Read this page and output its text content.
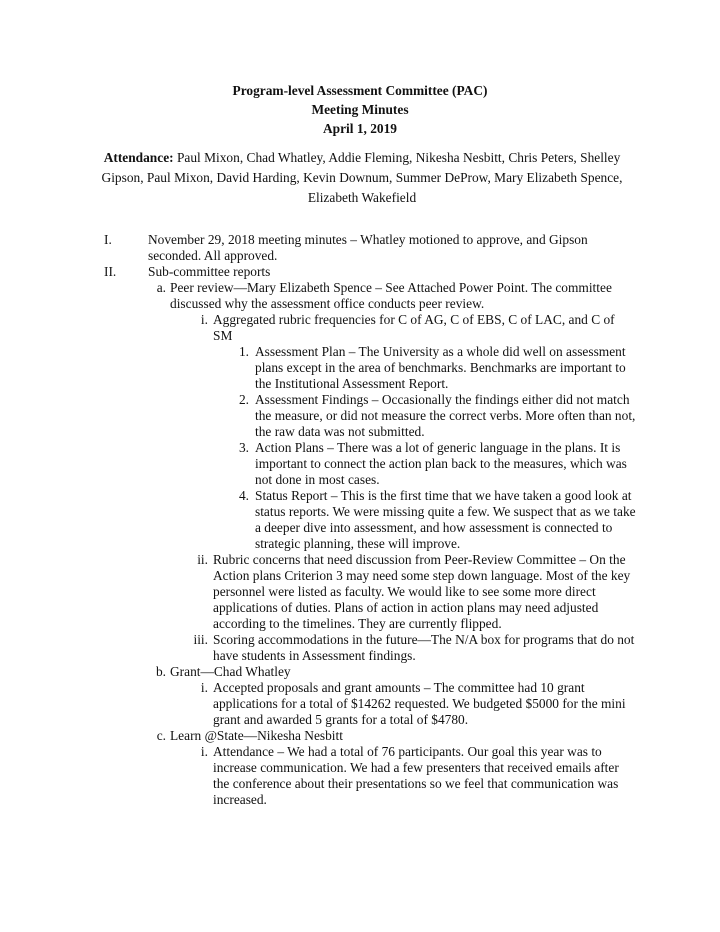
Program-level Assessment Committee (PAC)
Meeting Minutes
April 1, 2019
Attendance: Paul Mixon, Chad Whatley, Addie Fleming, Nikesha Nesbitt, Chris Peters, Shelley Gipson, Paul Mixon, David Harding, Kevin Downum, Summer DeProw, Mary Elizabeth Spence, Elizabeth Wakefield
I.	November 29, 2018 meeting minutes – Whatley motioned to approve, and Gipson seconded. All approved.
II. Sub-committee reports
a. Peer review—Mary Elizabeth Spence – See Attached Power Point. The committee discussed why the assessment office conducts peer review.
i. Aggregated rubric frequencies for C of AG, C of EBS, C of LAC, and C of SM
1. Assessment Plan – The University as a whole did well on assessment plans except in the area of benchmarks. Benchmarks are important to the Institutional Assessment Report.
2. Assessment Findings – Occasionally the findings either did not match the measure, or did not measure the correct verbs. More often than not, the raw data was not submitted.
3. Action Plans – There was a lot of generic language in the plans. It is important to connect the action plan back to the measures, which was not done in most cases.
4. Status Report – This is the first time that we have taken a good look at status reports. We were missing quite a few. We suspect that as we take a deeper dive into assessment, and how assessment is connected to strategic planning, these will improve.
ii. Rubric concerns that need discussion from Peer-Review Committee – On the Action plans Criterion 3 may need some step down language. Most of the key personnel were listed as faculty. We would like to see some more direct applications of duties. Plans of action in action plans may need adjusted according to the timelines. They are currently flipped.
iii. Scoring accommodations in the future—The N/A box for programs that do not have students in Assessment findings.
b. Grant—Chad Whatley
i. Accepted proposals and grant amounts – The committee had 10 grant applications for a total of $14262 requested. We budgeted $5000 for the mini grant and awarded 5 grants for a total of $4780.
c. Learn @State—Nikesha Nesbitt
i. Attendance – We had a total of 76 participants. Our goal this year was to increase communication. We had a few presenters that received emails after the conference about their presentations so we feel that communication was increased.
